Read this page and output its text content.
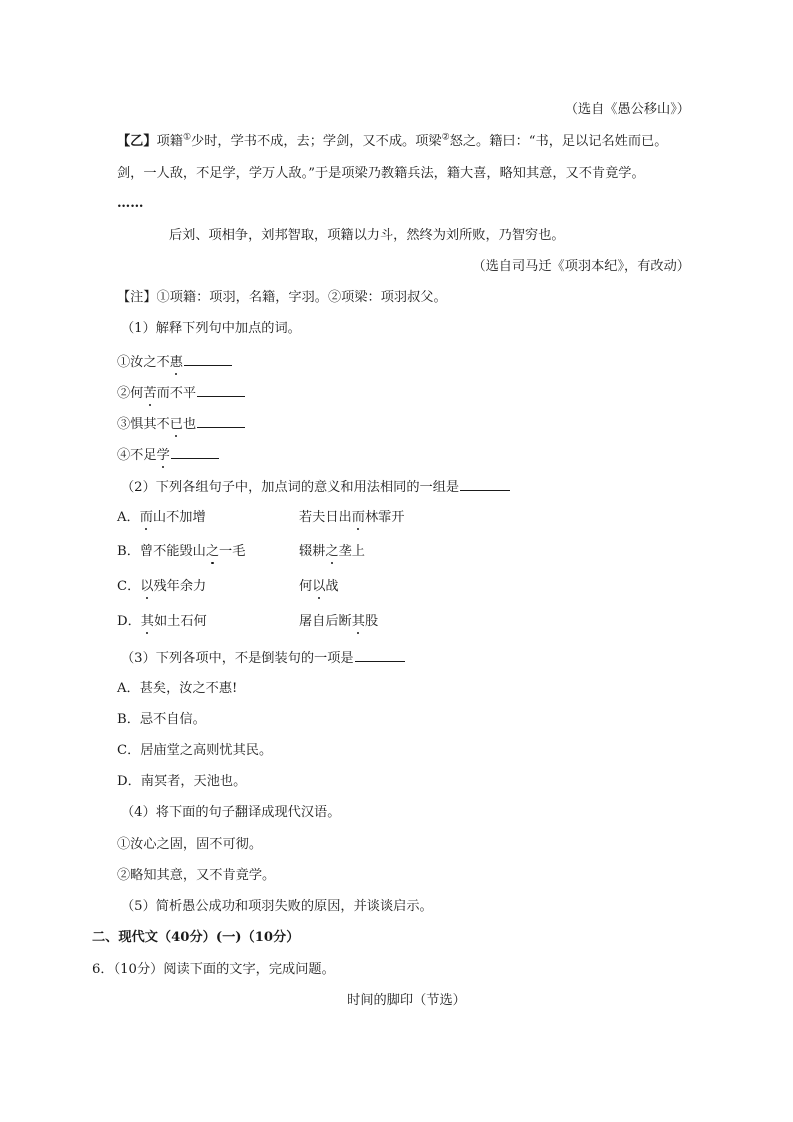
（选自《愚公移山》）
【乙】项籍①少时，学书不成，去；学剑，又不成。项梁②怒之。籍曰：“书，足以记名姓而已。
剑，一人敌，不足学，学万人敌。”于是项梁乃教籍兵法，籍大喜，略知其意，又不肯竟学。
……
后刘、项相争，刘邦智取，项籍以力斗，然终为刘所败，乃智穷也。
（选自司马迁《项羽本纪》，有改动）
【注】①项籍：项羽，名籍，字羽。②项梁：项羽叔父。
（1）解释下列句中加点的词。
①汝之不惠
②何苦而不平
③惧其不已也
④不足学
（2）下列各组句子中，加点词的意义和用法相同的一组是
A．而山不加增	若夫日出而林霏开
B．曾不能毁山之一毛	辍耕之垄上
C．以残年余力	何以战
D．其如土石何	屠自后断其股
（3）下列各项中，不是倒装句的一项是
A．甚矣，汝之不惠!
B．忌不自信。
C．居庙堂之高则忧其民。
D．南冥者，天池也。
（4）将下面的句子翻译成现代汉语。
①汝心之固，固不可彻。
②略知其意，又不肯竟学。
（5）简析愚公成功和项羽失败的原因，并谈谈启示。
二、现代文（40分）(一)（10分）
6．（10分）阅读下面的文字，完成问题。
时间的脚印（节选）
